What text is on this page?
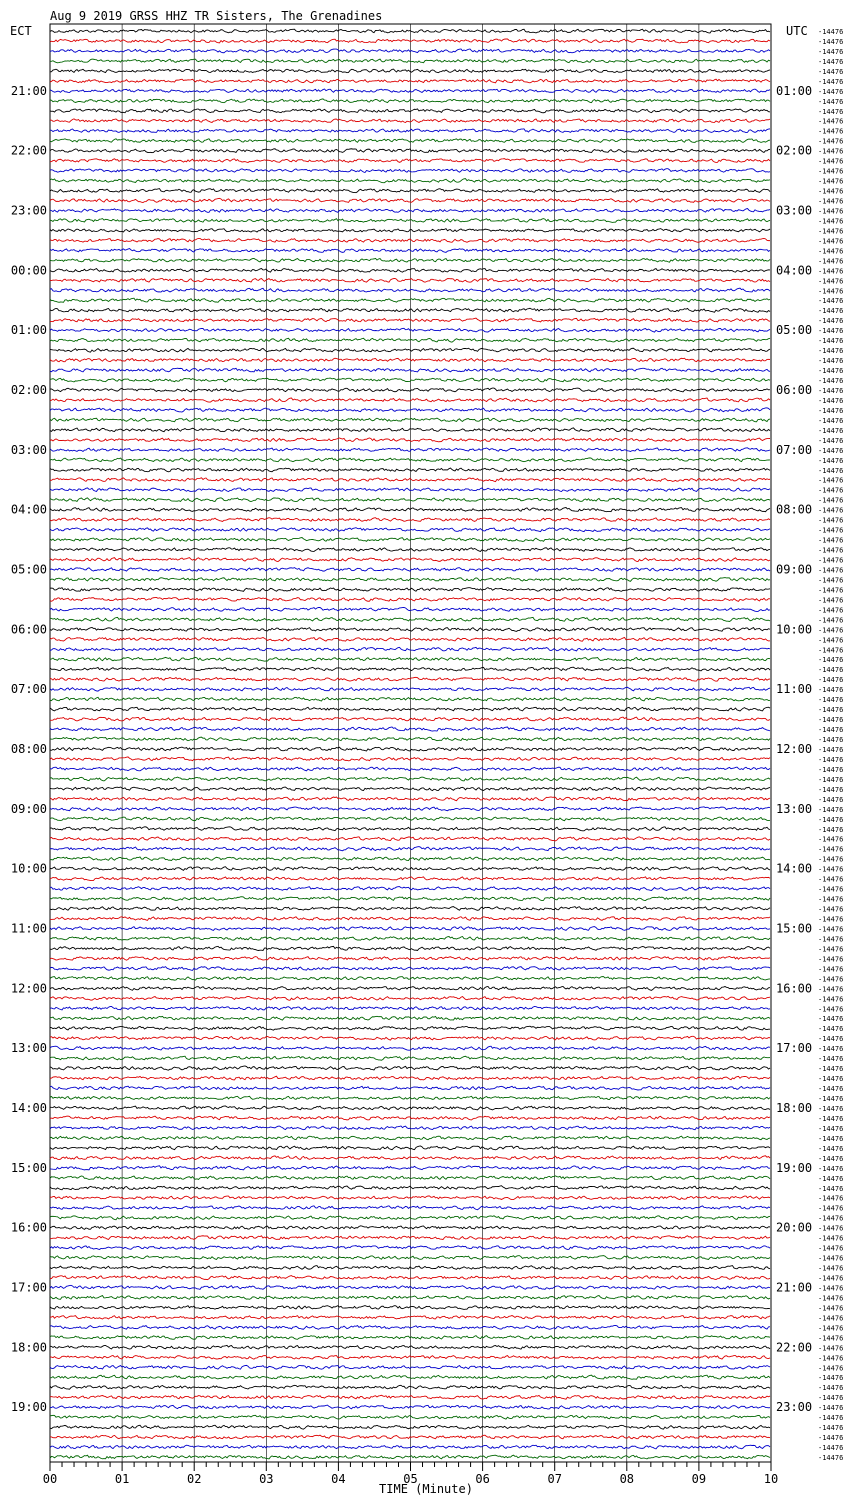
Aug 9 2019 GRSS HHZ TR Sisters, The Grenadines
ECT	UTC
21:00
22:00
23:00
00:00
01:00
02:00
03:00
04:00
05:00
06:00
07:00
08:00
09:00
10:00
11:00
12:00
13:00
14:00
15:00
16:00
17:00
18:00
19:00
01:00
02:00
03:00
04:00
05:00
06:00
07:00
08:00
09:00
10:00
11:00
12:00
13:00
14:00
15:00
16:00
17:00
18:00
19:00
20:00
21:00
22:00
23:00
-14476
-14476
-14476
-14476
-14476
-14476
-14476
-14476
-14476
-14476
-14476
-14476
-14476
-14476
-14476
-14476
-14476
-14476
-14476
-14476
-14476
-14476
-14476
-14476
-14476
-14476
-14476
-14476
-14476
-14476
-14476
-14476
-14476
-14476
-14476
-14476
-14476
-14476
-14476
-14476
-14476
-14476
-14476
-14476
-14476
-14476
-14476
-14476
-14476
-14476
-14476
-14476
-14476
-14476
-14476
-14476
-14476
-14476
-14476
-14476
-14476
-14476
-14476
-14476
-14476
-14476
-14476
-14476
-14476
-14476
-14476
-14476
-14476
-14476
-14476
-14476
-14476
-14476
-14476
-14476
-14476
-14476
-14476
-14476
-14476
-14476
-14476
-14476
-14476
-14476
-14476
-14476
-14476
-14476
-14476
-14476
-14476
-14476
-14476
-14476
-14476
-14476
-14476
-14476
-14476
-14476
-14476
-14476
-14476
-14476
-14476
-14476
-14476
-14476
-14476
-14476
-14476
-14476
-14476
-14476
-14476
-14476
-14476
-14476
-14476
-14476
-14476
-14476
-14476
-14476
-14476
-14476
-14476
-14476
-14476
-14476
-14476
-14476
-14476
-14476
-14476
-14476
-14476
-14476
00	01	02	03	04	05	06	07	08	09	10
TIME (Minute)
